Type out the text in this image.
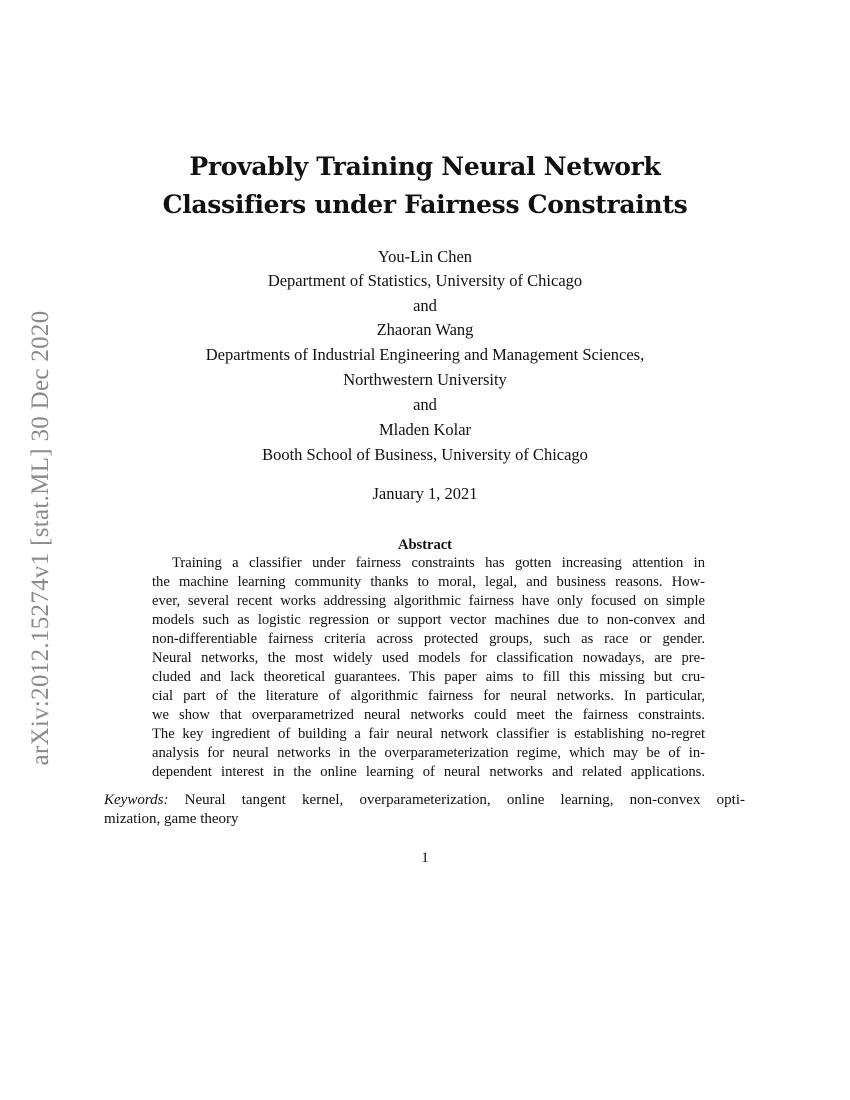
arXiv:2012.15274v1 [stat.ML] 30 Dec 2020
Provably Training Neural Network
Classifiers under Fairness Constraints
You-Lin Chen
Department of Statistics, University of Chicago
and
Zhaoran Wang
Departments of Industrial Engineering and Management Sciences,
Northwestern University
and
Mladen Kolar
Booth School of Business, University of Chicago
January 1, 2021
Abstract
Training a classifier under fairness constraints has gotten increasing attention in
the machine learning community thanks to moral, legal, and business reasons. How-
ever, several recent works addressing algorithmic fairness have only focused on simple
models such as logistic regression or support vector machines due to non-convex and
non-differentiable fairness criteria across protected groups, such as race or gender.
Neural networks, the most widely used models for classification nowadays, are pre-
cluded and lack theoretical guarantees. This paper aims to fill this missing but cru-
cial part of the literature of algorithmic fairness for neural networks. In particular,
we show that overparametrized neural networks could meet the fairness constraints.
The key ingredient of building a fair neural network classifier is establishing no-regret
analysis for neural networks in the overparameterization regime, which may be of in-
dependent interest in the online learning of neural networks and related applications.
Keywords: Neural tangent kernel, overparameterization, online learning, non-convex opti-
mization, game theory
1
